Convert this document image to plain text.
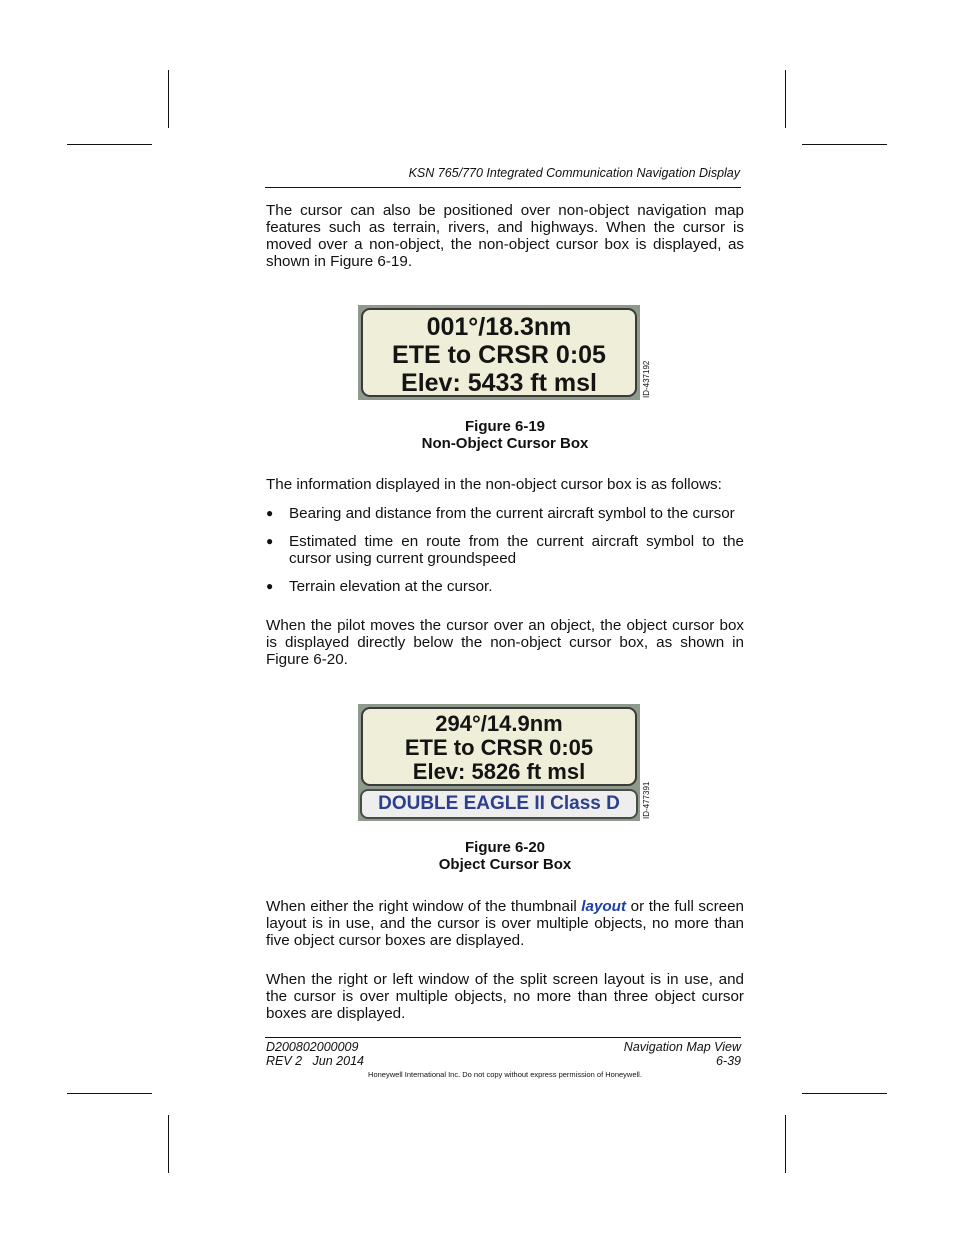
KSN 765/770 Integrated Communication Navigation Display

The cursor can also be positioned over non-object navigation map features such as terrain, rivers, and highways. When the cursor is moved over a non-object, the non-object cursor box is displayed, as shown in Figure 6-19.

001°/18.3nm
ETE to CRSR 0:05
Elev: 5433 ft msl	ID-437192
Figure 6-19
Non-Object Cursor Box

The information displayed in the non-object cursor box is as follows:

● Bearing and distance from the current aircraft symbol to the cursor
● Estimated time en route from the current aircraft symbol to the cursor using current groundspeed
● Terrain elevation at the cursor.

When the pilot moves the cursor over an object, the object cursor box is displayed directly below the non-object cursor box, as shown in Figure 6-20.

294°/14.9nm
ETE to CRSR 0:05
Elev: 5826 ft msl
DOUBLE EAGLE II Class D	ID-477391
Figure 6-20
Object Cursor Box

When either the right window of the thumbnail layout or the full screen layout is in use, and the cursor is over multiple objects, no more than five object cursor boxes are displayed.

When the right or left window of the split screen layout is in use, and the cursor is over multiple objects, no more than three object cursor boxes are displayed.

D200802000009
REV 2   Jun 2014
Navigation Map View
6-39
Honeywell International Inc. Do not copy without express permission of Honeywell.
